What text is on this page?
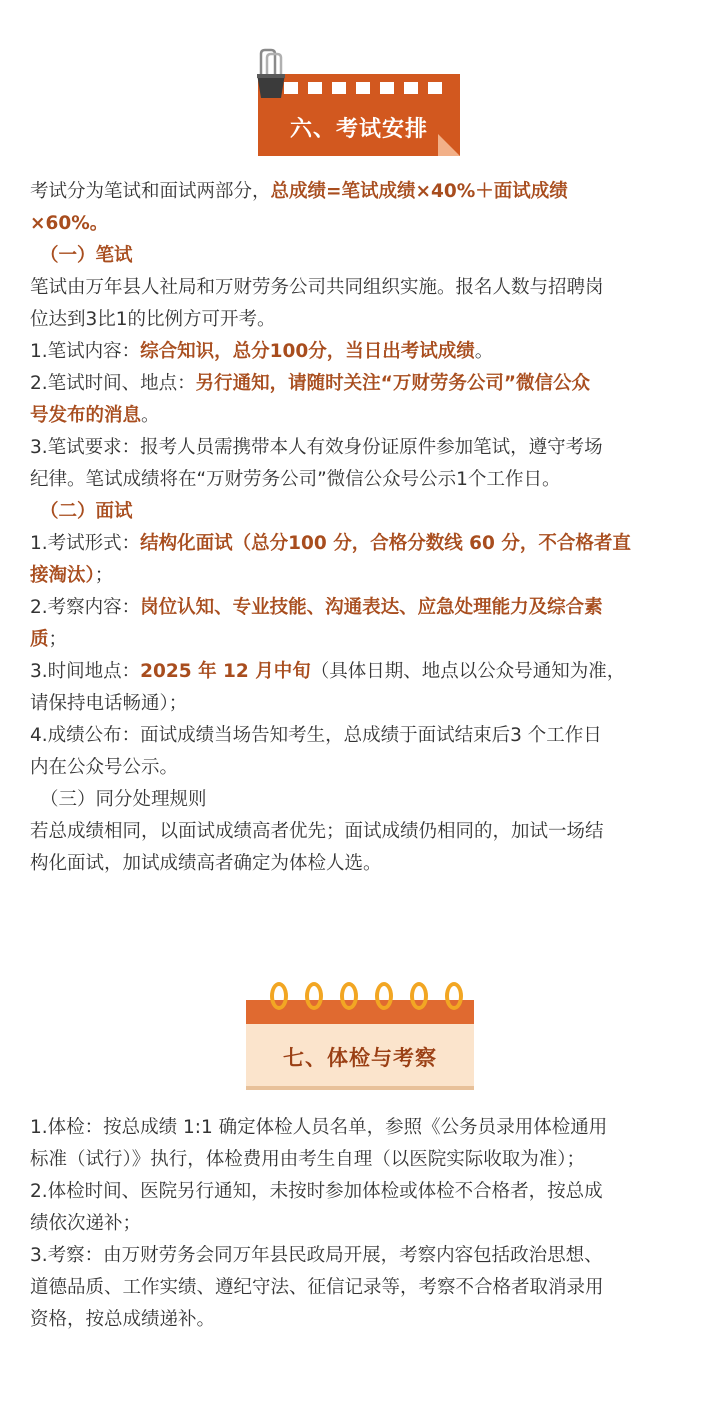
六、考试安排
考试分为笔试和面试两部分，总成绩=笔试成绩×40%＋面试成绩
×60%。
（一）笔试
笔试由万年县人社局和万财劳务公司共同组织实施。报名人数与招聘岗
位达到3比1的比例方可开考。
1.笔试内容：综合知识，总分100分，当日出考试成绩。
2.笔试时间、地点：另行通知，请随时关注“万财劳务公司”微信公众
号发布的消息。
3.笔试要求：报考人员需携带本人有效身份证原件参加笔试，遵守考场
纪律。笔试成绩将在“万财劳务公司”微信公众号公示1个工作日。
（二）面试
1.考试形式：结构化面试（总分100 分，合格分数线 60 分，不合格者直
接淘汰）；
2.考察内容：岗位认知、专业技能、沟通表达、应急处理能力及综合素
质；
3.时间地点：2025 年 12 月中旬（具体日期、地点以公众号通知为准，
请保持电话畅通）；
4.成绩公布：面试成绩当场告知考生，总成绩于面试结束后3 个工作日
内在公众号公示。
（三）同分处理规则
若总成绩相同，以面试成绩高者优先；面试成绩仍相同的，加试一场结
构化面试，加试成绩高者确定为体检人选。
七、体检与考察
1.体检：按总成绩 1:1 确定体检人员名单，参照《公务员录用体检通用
标准（试行）》执行，体检费用由考生自理（以医院实际收取为准）；
2.体检时间、医院另行通知，未按时参加体检或体检不合格者，按总成
绩依次递补；
3.考察：由万财劳务会同万年县民政局开展，考察内容包括政治思想、
道德品质、工作实绩、遵纪守法、征信记录等，考察不合格者取消录用
资格，按总成绩递补。
